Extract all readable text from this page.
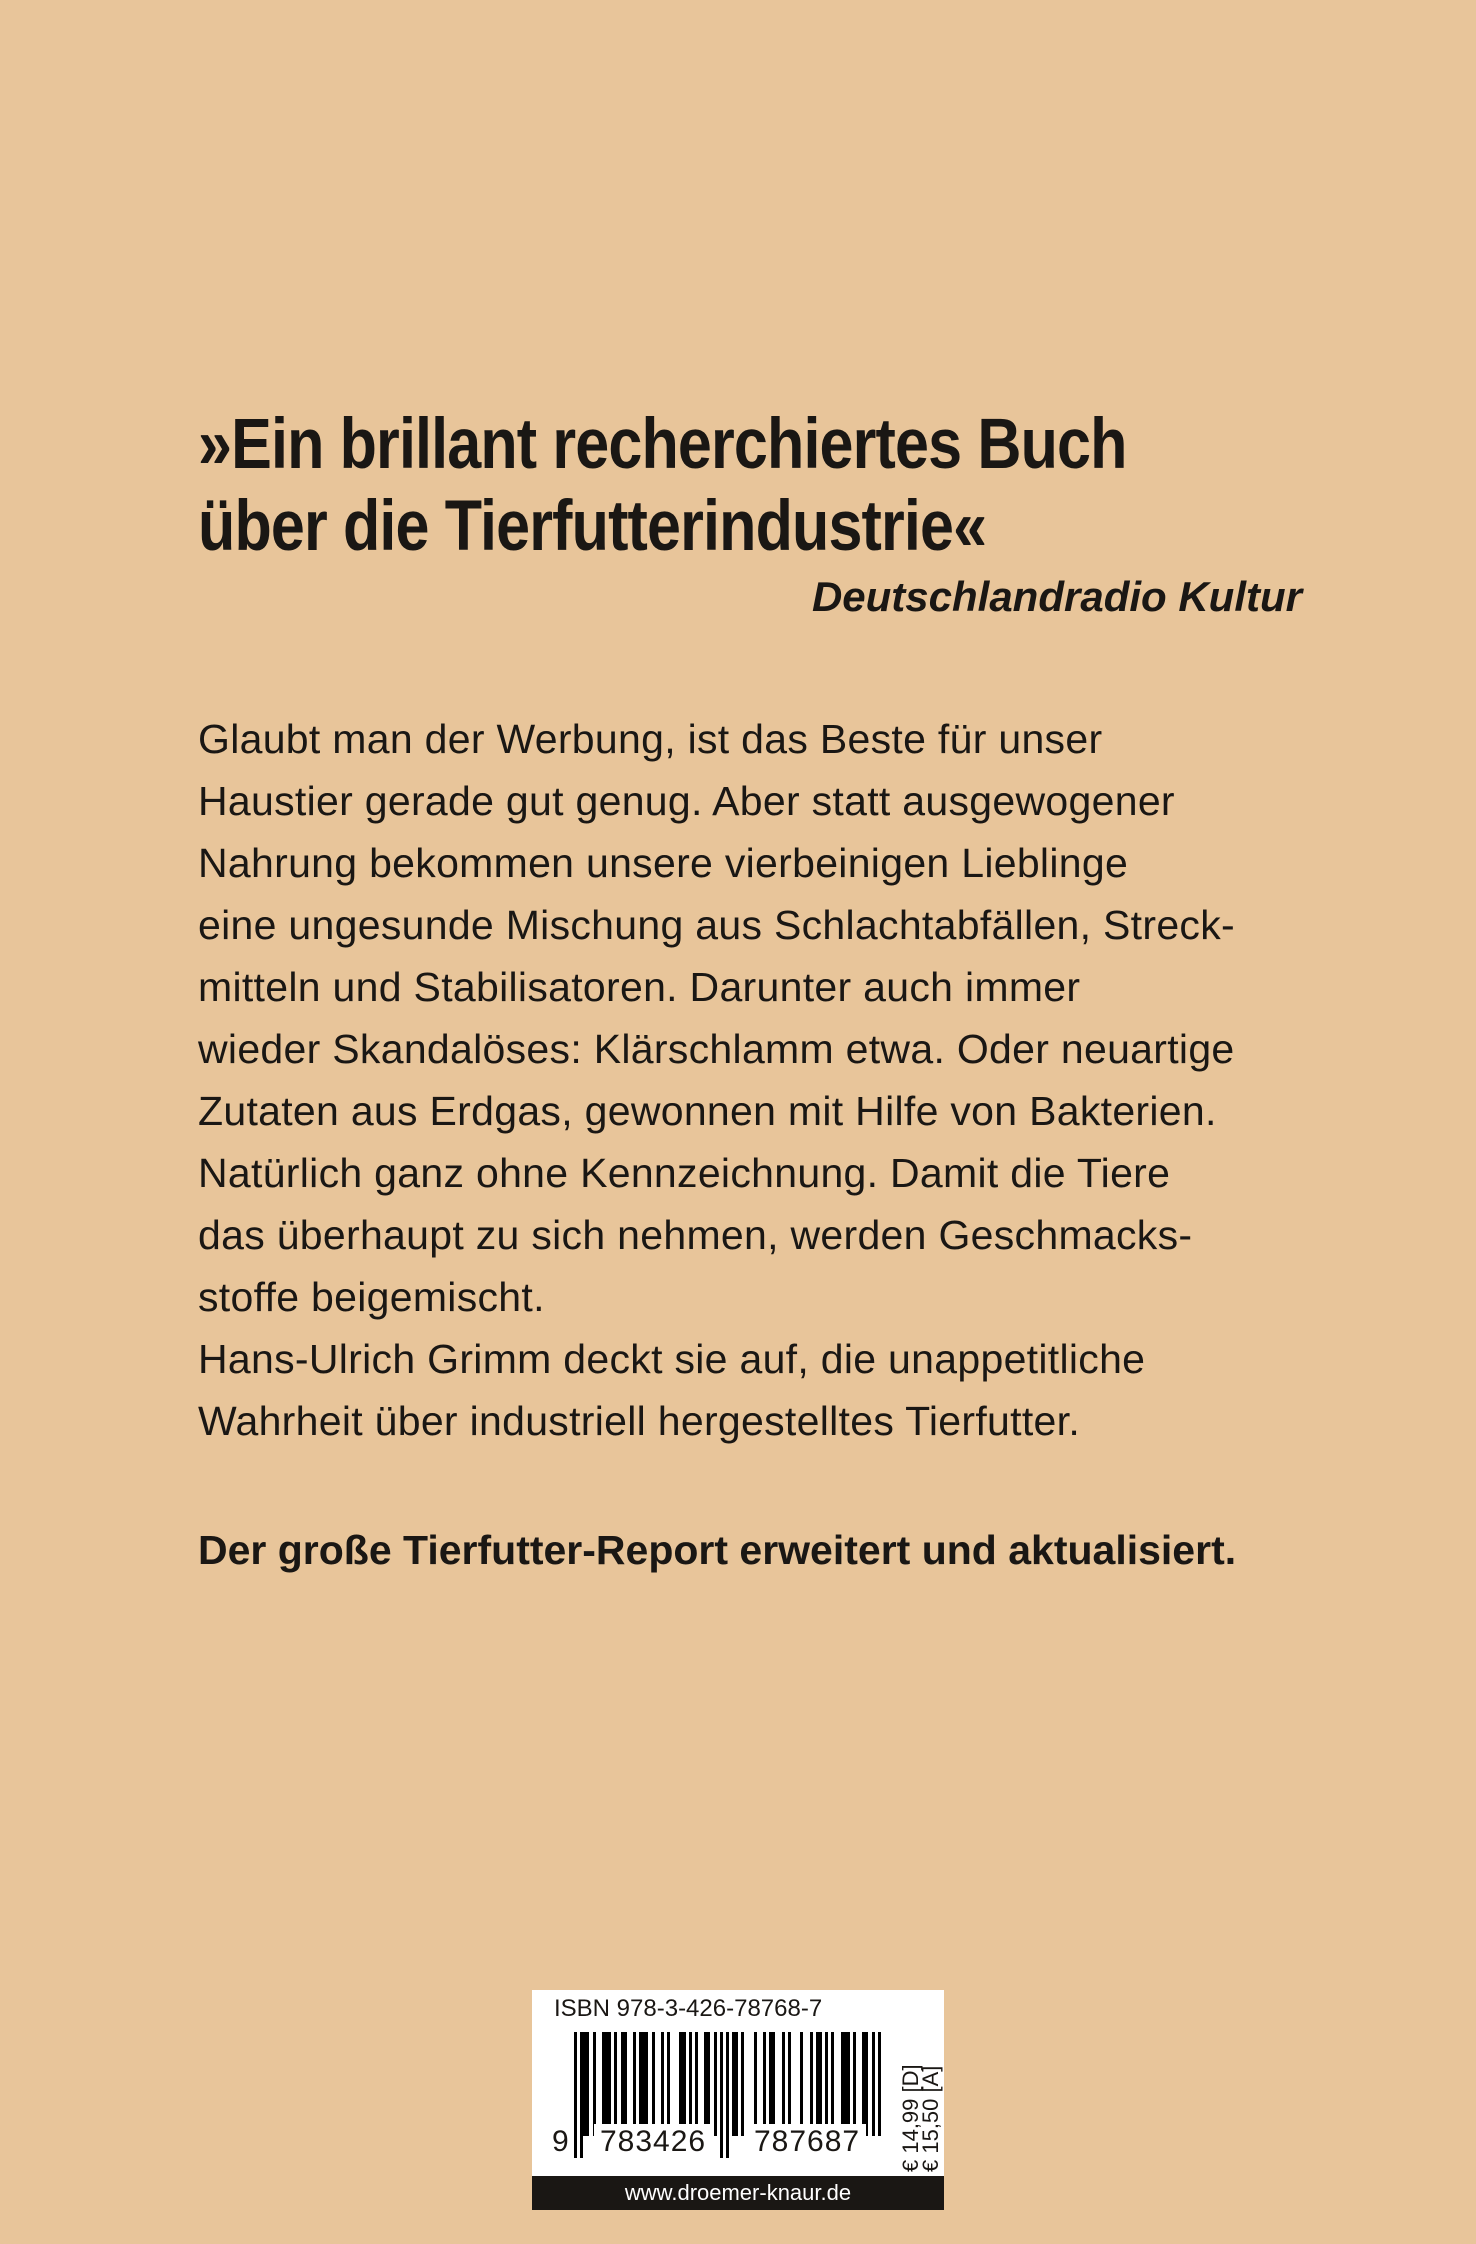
»Ein brillant recherchiertes Buch
über die Tierfutterindustrie«
Deutschlandradio Kultur
Glaubt man der Werbung, ist das Beste für unser
Haustier gerade gut genug. Aber statt ausgewogener
Nahrung bekommen unsere vierbeinigen Lieblinge
eine ungesunde Mischung aus Schlachtabfällen, Streck-
mitteln und Stabilisatoren. Darunter auch immer
wieder Skandalöses: Klärschlamm etwa. Oder neuartige
Zutaten aus Erdgas, gewonnen mit Hilfe von Bakterien.
Natürlich ganz ohne Kennzeichnung. Damit die Tiere
das überhaupt zu sich nehmen, werden Geschmacks-
stoffe beigemischt.
Hans-Ulrich Grimm deckt sie auf, die unappetitliche
Wahrheit über industriell hergestelltes Tierfutter.
Der große Tierfutter-Report erweitert und aktualisiert.
ISBN 978-3-426-78768-7
9 783426 787687 € 14,99 [D]
€ 15,50 [A]
www.droemer-knaur.de
